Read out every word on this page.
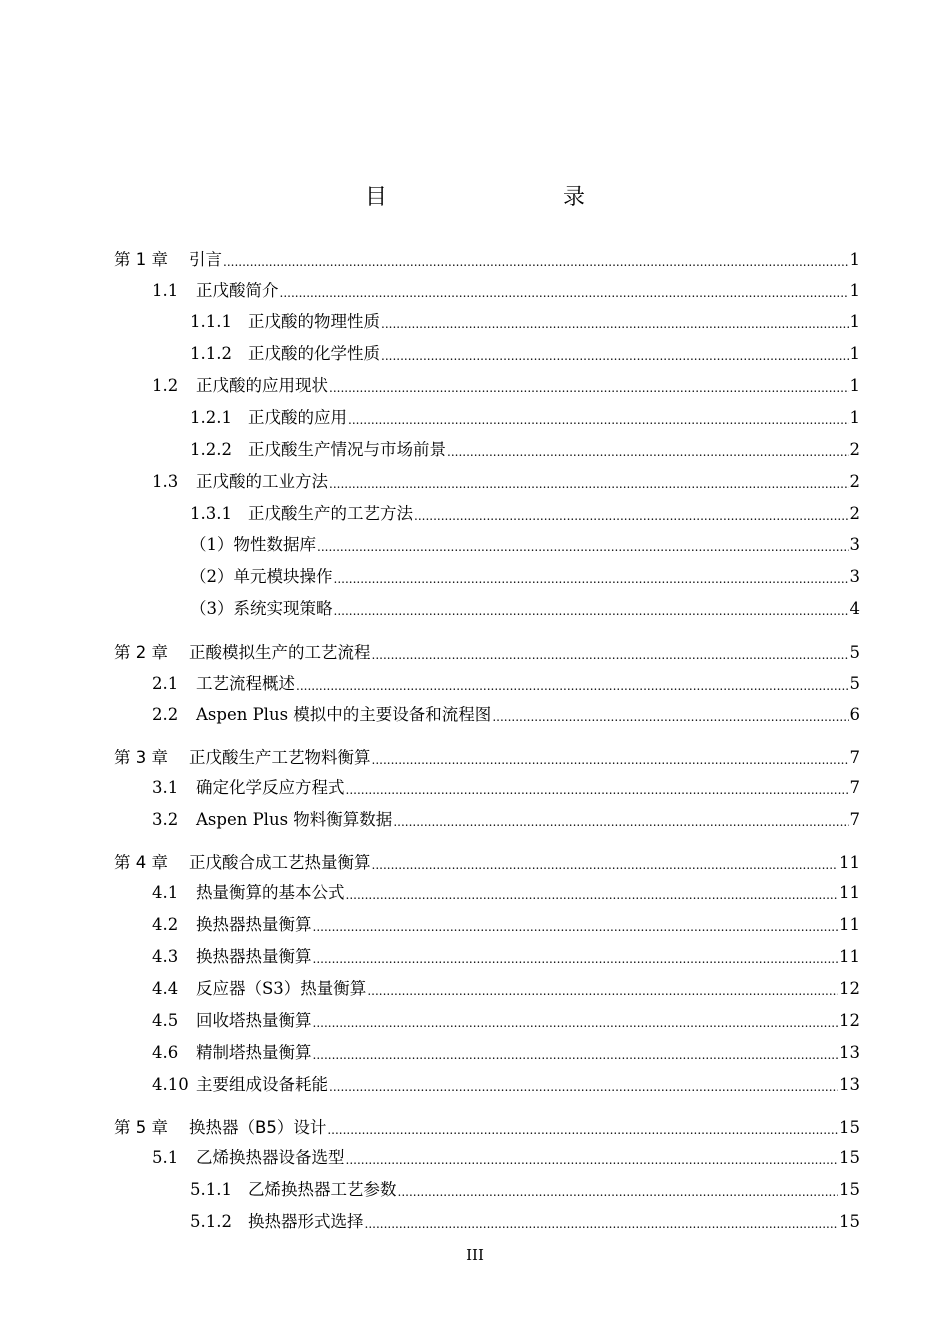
目　　录
第 1 章	引言 .....	1
1.1	正戊酸简介 .....	1
1.1.1 正戊酸的物理性质 .....	1
1.1.2 正戊酸的化学性质 .....	1
1.2	正戊酸的应用现状 .....	1
1.2.1 正戊酸的应用 .....	1
1.2.2 正戊酸生产情况与市场前景 .....	2
1.3	正戊酸的工业方法 .....	2
1.3.1 正戊酸生产的工艺方法 .....	2
（1）物性数据库 .....	3
（2）单元模块操作 .....	3
（3）系统实现策略 .....	4
第 2 章	正酸模拟生产的工艺流程 .....	5
2.1	工艺流程概述 .....	5
2.2	Aspen Plus 模拟中的主要设备和流程图 .....	6
第 3 章	正戊酸生产工艺物料衡算 .....	7
3.1	确定化学反应方程式 .....	7
3.2	Aspen Plus 物料衡算数据 .....	7
第 4 章	正戊酸合成工艺热量衡算 .....	11
4.1	热量衡算的基本公式 .....	11
4.2	换热器热量衡算 .....	11
4.3	换热器热量衡算 .....	11
4.4	反应器（S3）热量衡算 .....	12
4.5	回收塔热量衡算 .....	12
4.6	精制塔热量衡算 .....	13
4.10 主要组成设备耗能 .....	13
第 5 章	换热器（B5）设计 .....	15
5.1	乙烯换热器设备选型 .....	15
5.1.1 乙烯换热器工艺参数 .....	15
5.1.2 换热器形式选择 .....	15
III
